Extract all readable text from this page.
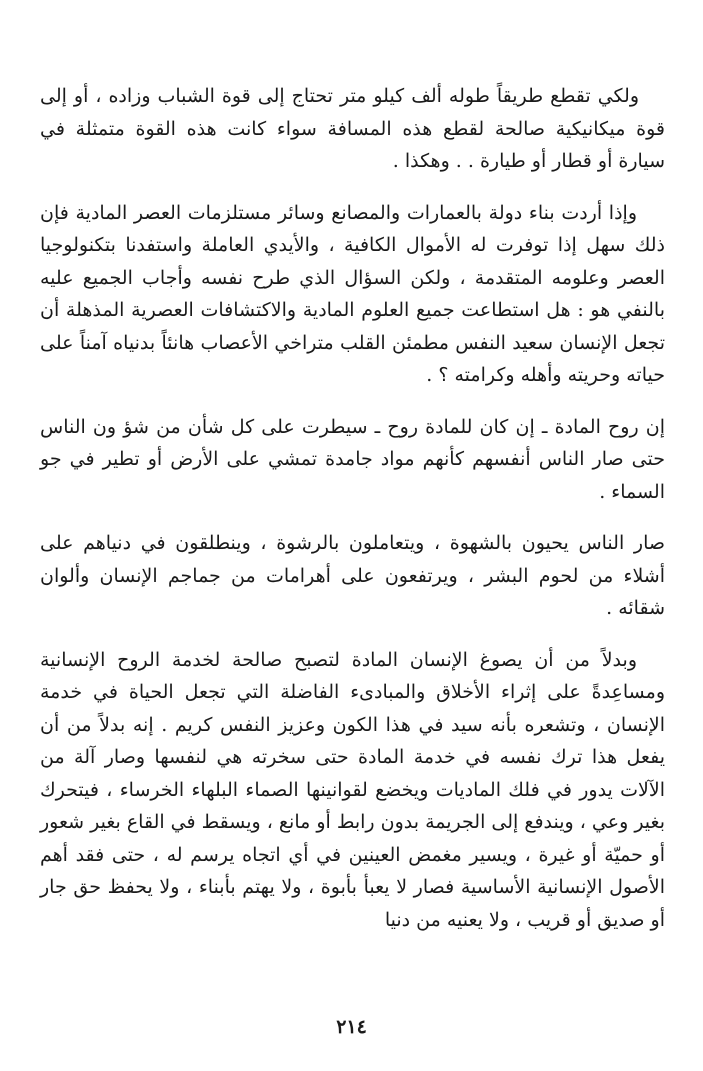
ولكي تقطع طريقاً طوله ألف كيلو متر تحتاج إلى قوة الشباب وزاده ، أو إلى قوة ميكانيكية صالحة لقطع هذه المسافة سواء كانت هذه القوة متمثلة في سيارة أو قطار أو طيارة . . وهكذا .

وإذا أردت بناء دولة بالعمارات والمصانع وسائر مستلزمات العصر المادية فإن ذلك سهل إذا توفرت له الأموال الكافية ، والأيدي العاملة واستفدنا بتكنولوجيا العصر وعلومه المتقدمة ، ولكن السؤال الذي طرح نفسه وأجاب الجميع عليه بالنفي هو : هل استطاعت جميع العلوم المادية والاكتشافات العصرية المذهلة أن تجعل الإنسان سعيد النفس مطمئن القلب متراخي الأعصاب هانئاً بدنياه آمناً على حياته وحريته وأهله وكرامته ؟ .

إن روح المادة ـ إن كان للمادة روح ـ سيطرت على كل شأن من شؤ ون الناس حتى صار الناس أنفسهم كأنهم مواد جامدة تمشي على الأرض أو تطير في جو السماء .

صار الناس يحيون بالشهوة ، ويتعاملون بالرشوة ، وينطلقون في دنياهم على أشلاء من لحوم البشر ، ويرتفعون على أهرامات من جماجم الإنسان وألوان شقائه .

وبدلاً من أن يصوغ الإنسان المادة لتصبح صالحة لخدمة الروح الإنسانية ومساعِدةً على إثراء الأخلاق والمبادىء الفاضلة التي تجعل الحياة في خدمة الإنسان ، وتشعره بأنه سيد في هذا الكون وعزيز النفس كريم . إنه بدلاً من أن يفعل هذا ترك نفسه في خدمة المادة حتى سخرته هي لنفسها وصار آلة من الآلات يدور في فلك الماديات ويخضع لقوانينها الصماء البلهاء الخرساء ، فيتحرك بغير وعي ، ويندفع إلى الجريمة بدون رابط أو مانع ، ويسقط في القاع بغير شعور أو حميّة أو غيرة ، ويسير مغمض العينين في أي اتجاه يرسم له ، حتى فقد أهم الأصول الإنسانية الأساسية فصار لا يعبأ بأبوة ، ولا يهتم بأبناء ، ولا يحفظ حق جار أو صديق أو قريب ، ولا يعنيه من دنيا

٢١٤
